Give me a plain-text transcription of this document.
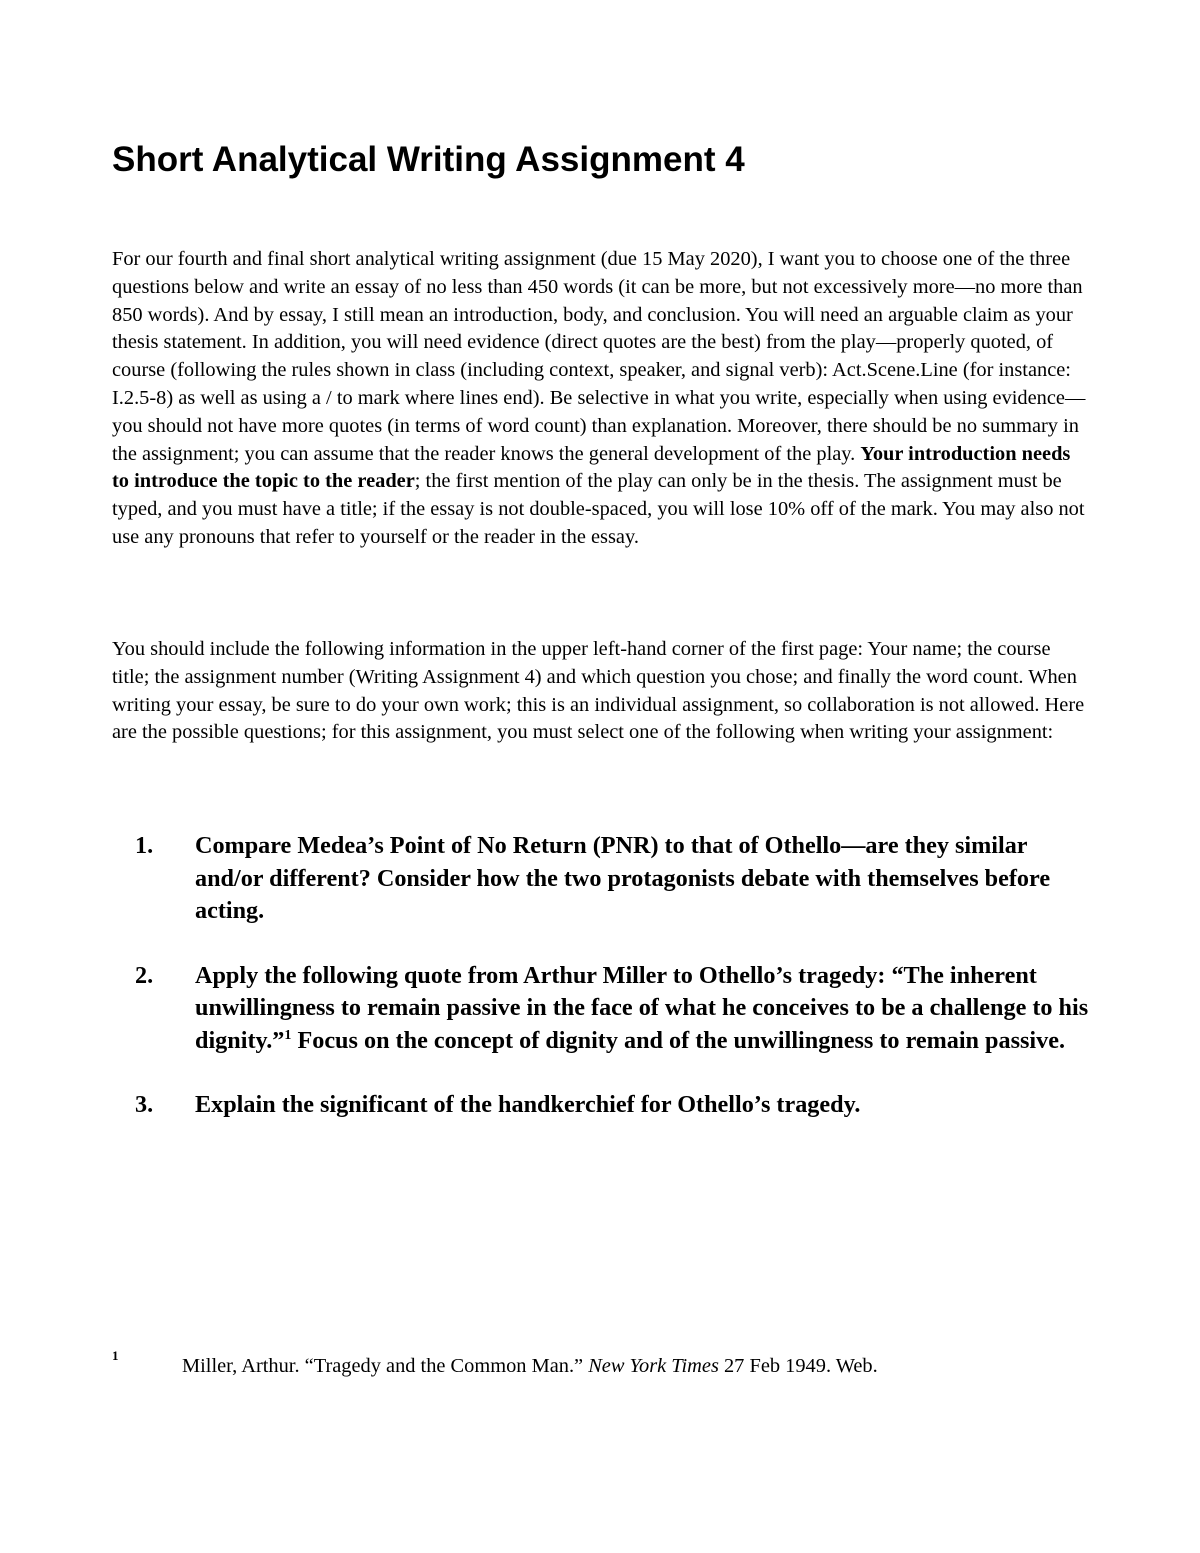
Short Analytical Writing Assignment 4

For our fourth and final short analytical writing assignment (due 15 May 2020), I want you to choose one of the three questions below and write an essay of no less than 450 words (it can be more, but not excessively more—no more than 850 words). And by essay, I still mean an introduction, body, and conclusion. You will need an arguable claim as your thesis statement. In addition, you will need evidence (direct quotes are the best) from the play—properly quoted, of course (following the rules shown in class (including context, speaker, and signal verb): Act.Scene.Line (for instance: I.2.5-8) as well as using a / to mark where lines end). Be selective in what you write, especially when using evidence—you should not have more quotes (in terms of word count) than explanation. Moreover, there should be no summary in the assignment; you can assume that the reader knows the general development of the play. Your introduction needs to introduce the topic to the reader; the first mention of the play can only be in the thesis. The assignment must be typed, and you must have a title; if the essay is not double-spaced, you will lose 10% off of the mark. You may also not use any pronouns that refer to yourself or the reader in the essay.

You should include the following information in the upper left-hand corner of the first page: Your name; the course title; the assignment number (Writing Assignment 4) and which question you chose; and finally the word count. When writing your essay, be sure to do your own work; this is an individual assignment, so collaboration is not allowed. Here are the possible questions; for this assignment, you must select one of the following when writing your assignment:

1. Compare Medea’s Point of No Return (PNR) to that of Othello—are they similar and/or different? Consider how the two protagonists debate with themselves before acting.
2. Apply the following quote from Arthur Miller to Othello’s tragedy: “The inherent unwillingness to remain passive in the face of what he conceives to be a challenge to his dignity.”$^1$ Focus on the concept of dignity and of the unwillingness to remain passive.
3. Explain the significant of the handkerchief for Othello’s tragedy.
1	Miller, Arthur. “Tragedy and the Common Man.” New York Times 27 Feb 1949. Web.
